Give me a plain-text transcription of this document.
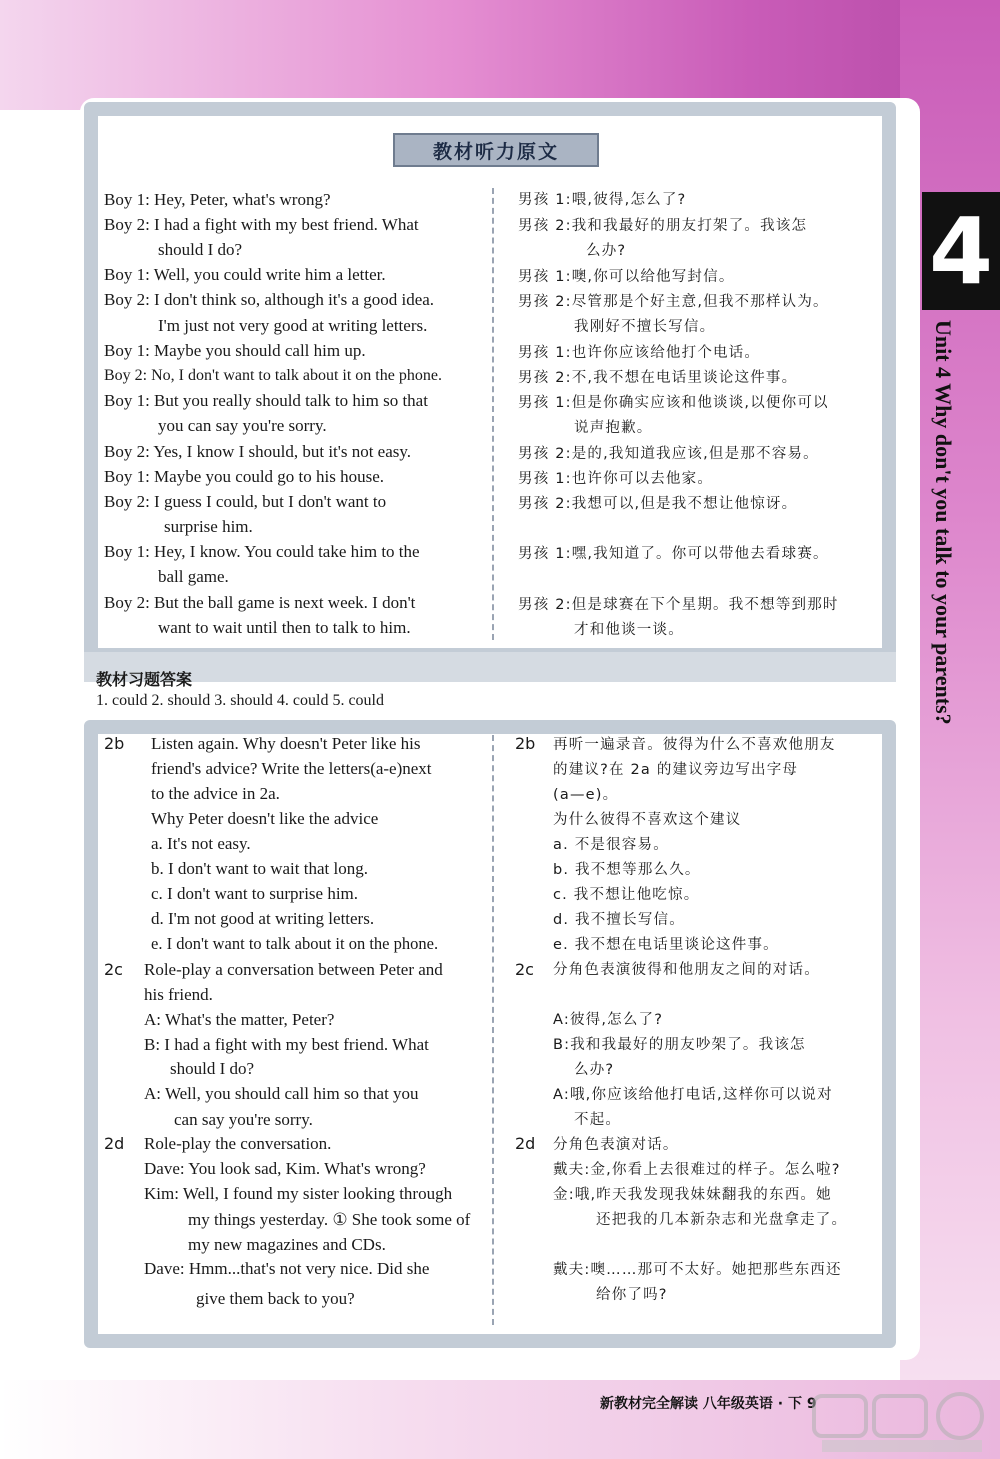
教材听力原文
Boy 1: Hey, Peter, what's wrong?
Boy 2: I had a fight with my best friend. What
should I do?
Boy 1: Well, you could write him a letter.
Boy 2: I don't think so, although it's a good idea.
I'm just not very good at writing letters.
Boy 1: Maybe you should call him up.
Boy 2: No, I don't want to talk about it on the phone.
Boy 1: But you really should talk to him so that
you can say you're sorry.
Boy 2: Yes, I know I should, but it's not easy.
Boy 1: Maybe you could go to his house.
Boy 2: I guess I could, but I don't want to
surprise him.
Boy 1: Hey, I know. You could take him to the
ball game.
Boy 2: But the ball game is next week. I don't
want to wait until then to talk to him.
男孩 1:喂,彼得,怎么了?
男孩 2:我和我最好的朋友打架了。我该怎
么办?
男孩 1:噢,你可以给他写封信。
男孩 2:尽管那是个好主意,但我不那样认为。
我刚好不擅长写信。
男孩 1:也许你应该给他打个电话。
男孩 2:不,我不想在电话里谈论这件事。
男孩 1:但是你确实应该和他谈谈,以便你可以
说声抱歉。
男孩 2:是的,我知道我应该,但是那不容易。
男孩 1:也许你可以去他家。
男孩 2:我想可以,但是我不想让他惊讶。
男孩 1:嘿,我知道了。你可以带他去看球赛。
男孩 2:但是球赛在下个星期。我不想等到那时
才和他谈一谈。
教材习题答案
1. could 2. should 3. should 4. could 5. could
2b
2c
2d
2b
2c
2d
Listen again. Why doesn't Peter like his
friend's advice? Write the letters(a-e)next
to the advice in 2a.
Why Peter doesn't like the advice
a. It's not easy.
b. I don't want to wait that long.
c. I don't want to surprise him.
d. I'm not good at writing letters.
e. I don't want to talk about it on the phone.
Role-play a conversation between Peter and
his friend.
A: What's the matter, Peter?
B: I had a fight with my best friend. What
should I do?
A: Well, you should call him so that you
can say you're sorry.
Role-play the conversation.
Dave: You look sad, Kim. What's wrong?
Kim: Well, I found my sister looking through
my things yesterday. ① She took some of
my new magazines and CDs.
Dave: Hmm...that's not very nice. Did she
give them back to you?
再听一遍录音。彼得为什么不喜欢他朋友
的建议?在 2a 的建议旁边写出字母
(a—e)。
为什么彼得不喜欢这个建议
a. 不是很容易。
b. 我不想等那么久。
c. 我不想让他吃惊。
d. 我不擅长写信。
e. 我不想在电话里谈论这件事。
分角色表演彼得和他朋友之间的对话。
A:彼得,怎么了?
B:我和我最好的朋友吵架了。我该怎
么办?
A:哦,你应该给他打电话,这样你可以说对
不起。
分角色表演对话。
戴夫:金,你看上去很难过的样子。怎么啦?
金:哦,昨天我发现我妹妹翻我的东西。她
还把我的几本新杂志和光盘拿走了。
戴夫:噢……那可不太好。她把那些东西还
给你了吗?
4
Unit 4 Why don't you talk to your parents?
新教材完全解读 八年级英语 · 下 9
